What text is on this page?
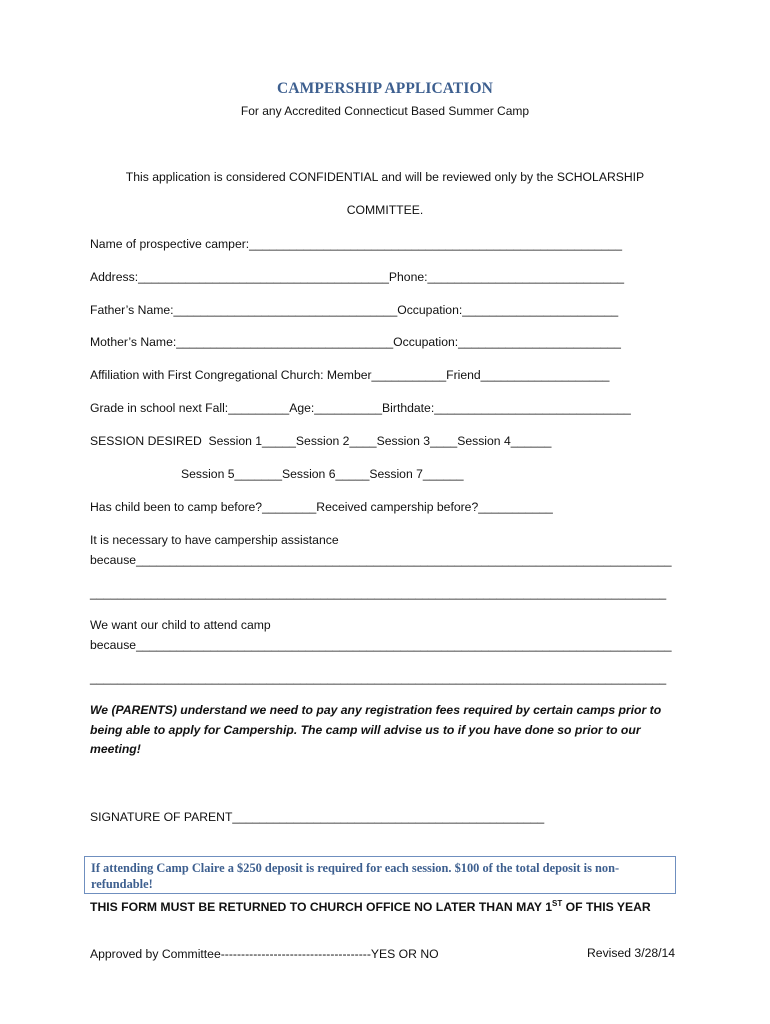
CAMPERSHIP APPLICATION
For any Accredited Connecticut Based Summer Camp
This application is considered CONFIDENTIAL and will be reviewed only by the SCHOLARSHIP
COMMITTEE.
Name of prospective camper:_______________________________________________________
Address:_____________________________________Phone:_____________________________
Father’s Name:_________________________________Occupation:_______________________
Mother’s Name:________________________________Occupation:________________________
Affiliation with First Congregational Church: Member___________Friend___________________
Grade in school next Fall:_________Age:__________Birthdate:_____________________________
SESSION DESIRED  Session 1_____Session 2____Session 3____Session 4______
Session 5_______Session 6_____Session 7______
Has child been to camp before?________Received campership before?___________
It is necessary to have campership assistance
because_______________________________________________________________________________
_____________________________________________________________________________________
We want our child to attend camp
because_______________________________________________________________________________
_____________________________________________________________________________________
We (PARENTS) understand we need to pay any registration fees required by certain camps prior to being able to apply for Campership. The camp will advise us to if you have done so prior to our meeting!
SIGNATURE OF PARENT______________________________________________
If attending Camp Claire a $250 deposit is required for each session. $100 of the total deposit is non-refundable!
THIS FORM MUST BE RETURNED TO CHURCH OFFICE NO LATER THAN MAY 1ST OF THIS YEAR
Approved by Committee-------------------------------------YES OR NO	Revised 3/28/14
